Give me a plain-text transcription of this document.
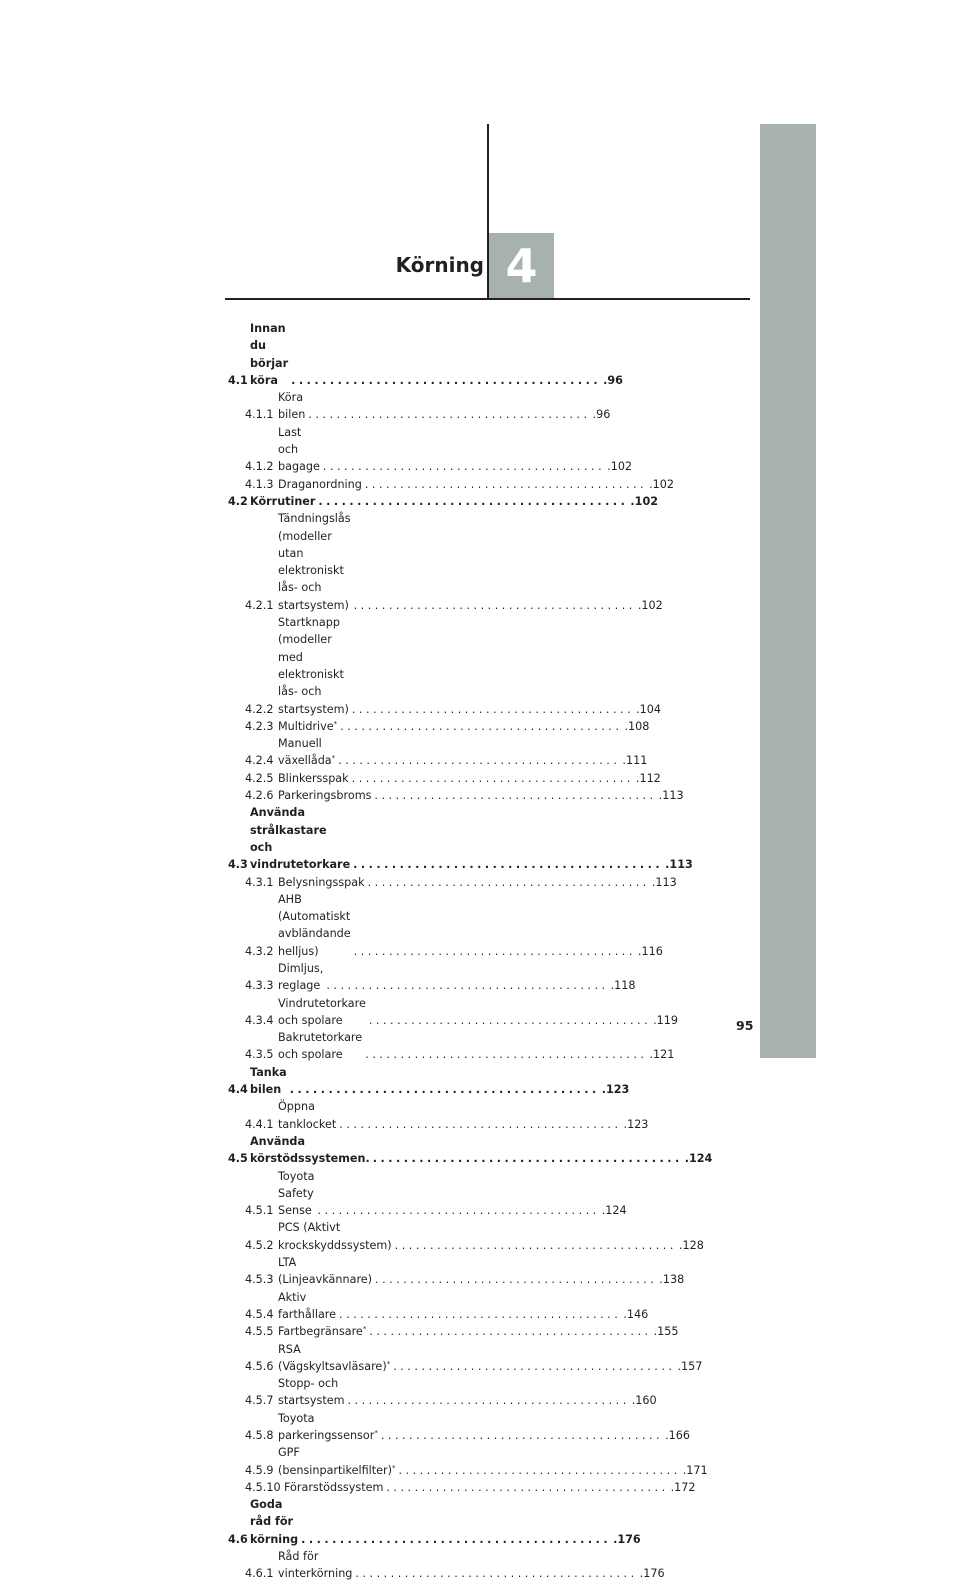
Körning 4
4.1
Innan du börjar köra	........................................ .96
4.1.1
Köra bilen ........................................ .96
4.1.2
Last och bagage ........................................ .102
4.1.3 Draganordning ........................................ .102
4.2 Körrutiner ........................................ .102
4.2.1
Tändningslås (modeller utan
elektroniskt lås- och startsystem) ........................................ .102
4.2.2
Startknapp (modeller med
elektroniskt lås- och
startsystem) ........................................ .104
4.2.3 Multidrive* ........................................ .108
4.2.4
Manuell växellåda* ........................................ .111
4.2.5 Blinkersspak ........................................ .112
4.2.6 Parkeringsbroms ........................................ .113
4.3
Använda strålkastare och
vindrutetorkare ........................................ .113
4.3.1 Belysningsspak ........................................ .113
4.3.2
AHB (Automatiskt avbländande
helljus)	........................................ .116
4.3.3
Dimljus, reglage ........................................ .118
4.3.4
Vindrutetorkare och spolare	........................................ .119
4.3.5
Bakrutetorkare och spolare	........................................ .121
4.4
Tanka bilen ........................................ .123
4.4.1
Öppna tanklocket ........................................ .123
4.5
Använda körstödssystemen. ........................................ .124
4.5.1
Toyota Safety Sense ........................................ .124
4.5.2
PCS (Aktivt krockskyddssystem) ........................................ .128
4.5.3
LTA (Linjeavkännare) ........................................ .138
4.5.4
Aktiv farthållare ........................................ .146
4.5.5 Fartbegränsare* ........................................ .155
4.5.6
RSA (Vägskyltsavläsare)* ........................................ .157
4.5.7
Stopp- och startsystem ........................................ .160
4.5.8
Toyota parkeringssensor* ........................................ .166
4.5.9
GPF (bensinpartikelfilter)* ........................................ .171
4.5.10 Förarstödssystem ........................................ .172
4.6
Goda råd för körning ........................................ .176
4.6.1
Råd för vinterkörning ........................................ .176
95
